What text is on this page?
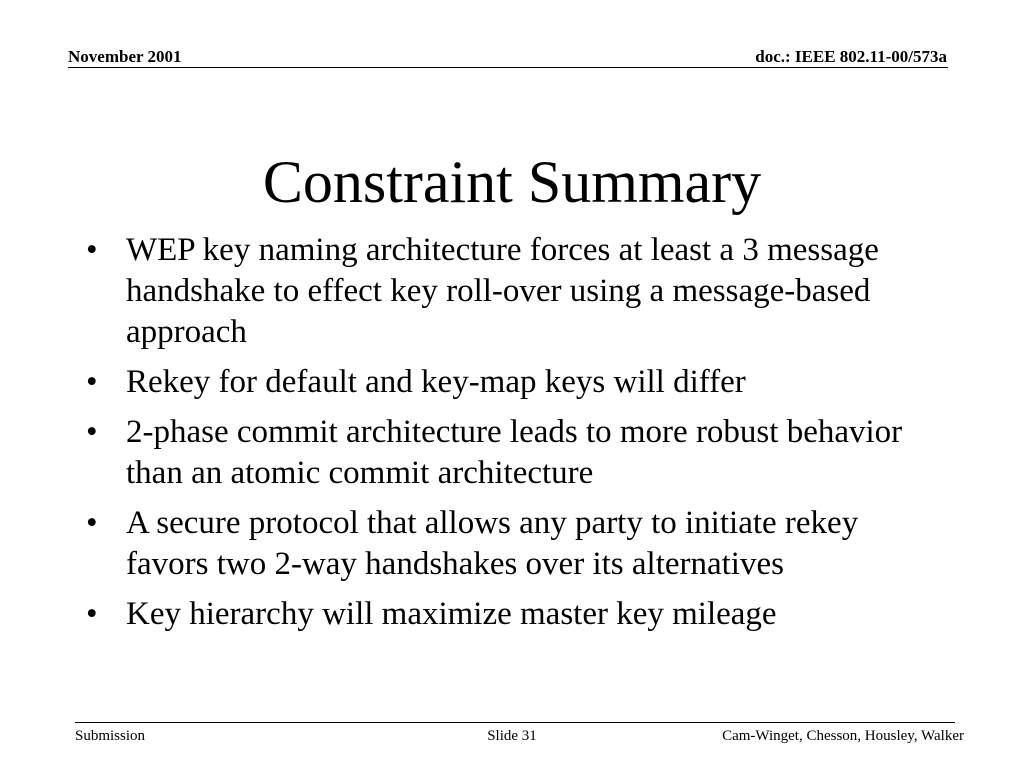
November 2001	doc.: IEEE 802.11-00/573a
Constraint Summary
• WEP key naming architecture forces at least a 3 message handshake to effect key roll-over using a message-based approach
• Rekey for default and key-map keys will differ
• 2-phase commit architecture leads to more robust behavior than an atomic commit architecture
• A secure protocol that allows any party to initiate rekey favors two 2-way handshakes over its alternatives
• Key hierarchy will maximize master key mileage
Submission	Slide 31	Cam-Winget, Chesson, Housley, Walker
